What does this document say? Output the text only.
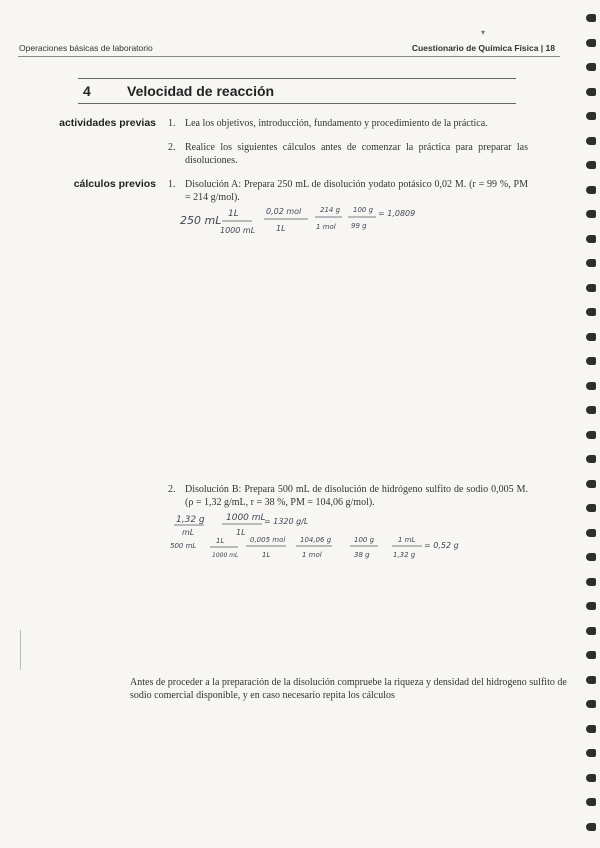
Operaciones básicas de laboratorio	Cuestionario de Química Física | 18
▾
4	Velocidad de reacción
actividades previas 1. Lea los objetivos, introducción, fundamento y procedimiento de la práctica.
2. Realice los siguientes cálculos antes de comenzar la práctica para preparar las disoluciones.
cálculos previos 1. Disolución A: Prepara 250 mL de disolución yodato potásico 0,02 M. (r = 99 %, PM = 214 g/mol).
250 mL 1L
1000 mL
0,02 mol
1L
214 g
1 mol
100 g
99 g
= 1,0809
2. Disolución B: Prepara 500 mL de disolución de hidrógeno sulfito de sodio 0,005 M. (ρ = 1,32 g/mL, r = 38 %, PM = 104,06 g/mol).
1,32 g
mL
1000 mL
1L
= 1320 g/L
500 mL
1L
1000 mL
0,005 mol
1L
104,06 g
1 mol
100 g
38 g
1 mL
1,32 g
= 0,52 g
Antes de proceder a la preparación de la disolución compruebe la riqueza y densidad del hidrogeno sulfito de sodio comercial disponible, y en caso necesario repita los cálculos
